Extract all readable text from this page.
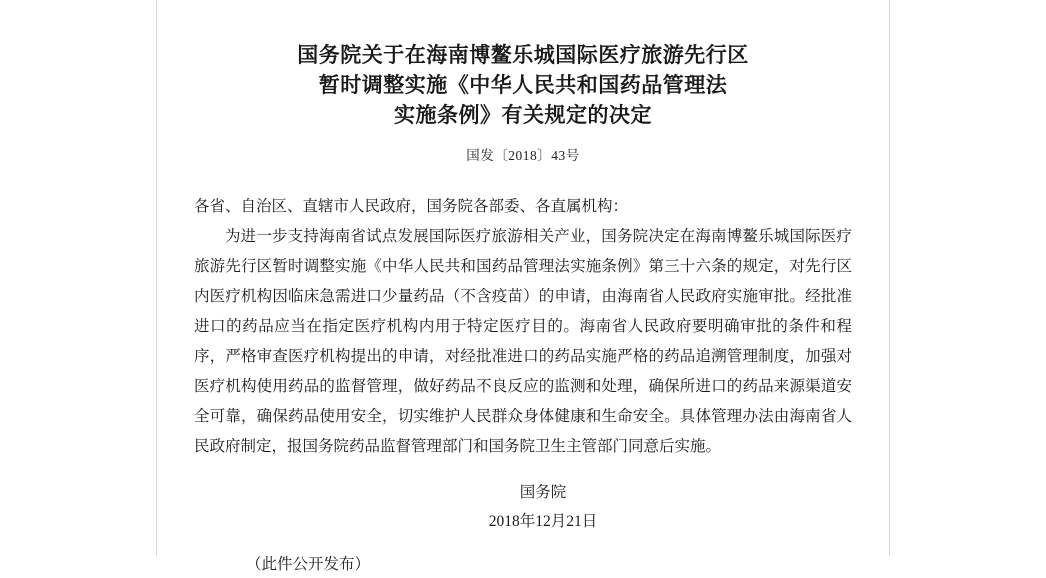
国务院关于在海南博鳌乐城国际医疗旅游先行区
暂时调整实施《中华人民共和国药品管理法
实施条例》有关规定的决定
国发〔2018〕43号
各省、自治区、直辖市人民政府，国务院各部委、各直属机构：

为进一步支持海南省试点发展国际医疗旅游相关产业，国务院决定在海南博鳌乐城国际医疗旅游先行区暂时调整实施《中华人民共和国药品管理法实施条例》第三十六条的规定，对先行区内医疗机构因临床急需进口少量药品（不含疫苗）的申请，由海南省人民政府实施审批。经批准进口的药品应当在指定医疗机构内用于特定医疗目的。海南省人民政府要明确审批的条件和程序，严格审查医疗机构提出的申请，对经批准进口的药品实施严格的药品追溯管理制度，加强对医疗机构使用药品的监督管理，做好药品不良反应的监测和处理，确保所进口的药品来源渠道安全可靠，确保药品使用安全，切实维护人民群众身体健康和生命安全。具体管理办法由海南省人民政府制定，报国务院药品监督管理部门和国务院卫生主管部门同意后实施。

国务院
2018年12月21日
（此件公开发布）
